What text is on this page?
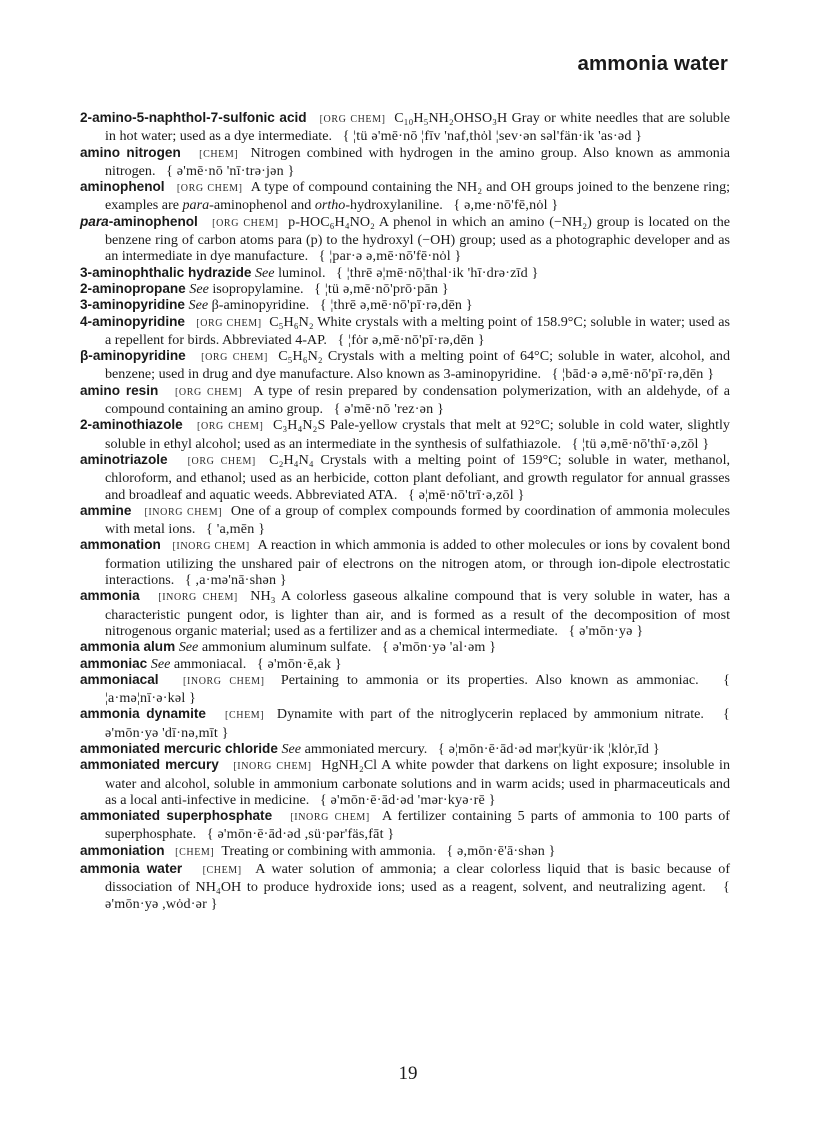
ammonia water

2-amino-5-naphthol-7-sulfonic acid [ORG CHEM] C₁₀H₅NH₂OHSO₃H Gray or white needles that are soluble in hot water; used as a dye intermediate. { ¦tü ə'mē·nō ¦fīv 'naf,thȯl ¦sev·ən səl'fän·ik 'as·əd }

amino nitrogen [CHEM] Nitrogen combined with hydrogen in the amino group. Also known as ammonia nitrogen. { ə'mē·nō 'nī·trə·jən }

aminophenol [ORG CHEM] A type of compound containing the NH₂ and OH groups joined to the benzene ring; examples are para-aminophenol and ortho-hydroxylaniline. { ə,me·nō'fē,nȯl }

para-aminophenol [ORG CHEM] p-HOC₆H₄NO₂ A phenol in which an amino (−NH₂) group is located on the benzene ring of carbon atoms para (p) to the hydroxyl (−OH) group; used as a photographic developer and as an intermediate in dye manufacture. { ¦par·ə ə,mē·nō'fē·nȯl }

3-aminophthalic hydrazide See luminol. { ¦thrē ə¦mē·nō¦thal·ik 'hī·drə·zīd }

2-aminopropane See isopropylamine. { ¦tü ə,mē·nō'prō·pān }

3-aminopyridine See β-aminopyridine. { ¦thrē ə,mē·nō'pī·rə,dēn }

4-aminopyridine [ORG CHEM] C₅H₆N₂ White crystals with a melting point of 158.9°C; soluble in water; used as a repellent for birds. Abbreviated 4-AP. { ¦fȯr ə,mē·nō'pī·rə,dēn }

β-aminopyridine [ORG CHEM] C₅H₆N₂ Crystals with a melting point of 64°C; soluble in water, alcohol, and benzene; used in drug and dye manufacture. Also known as 3-aminopyridine. { ¦bād·ə ə,mē·nō'pī·rə,dēn }

amino resin [ORG CHEM] A type of resin prepared by condensation polymerization, with an aldehyde, of a compound containing an amino group. { ə'mē·nō 'rez·ən }

2-aminothiazole [ORG CHEM] C₃H₄N₂S Pale-yellow crystals that melt at 92°C; soluble in cold water, slightly soluble in ethyl alcohol; used as an intermediate in the synthesis of sulfathiazole. { ¦tü ə,mē·nō'thī·ə,zōl }

aminotriazole [ORG CHEM] C₂H₄N₄ Crystals with a melting point of 159°C; soluble in water, methanol, chloroform, and ethanol; used as an herbicide, cotton plant defoliant, and growth regulator for annual grasses and broadleaf and aquatic weeds. Abbreviated ATA. { ə¦mē·nō'trī·ə,zōl }

ammine [INORG CHEM] One of a group of complex compounds formed by coordination of ammonia molecules with metal ions. { 'a,mēn }

ammonation [INORG CHEM] A reaction in which ammonia is added to other molecules or ions by covalent bond formation utilizing the unshared pair of electrons on the nitrogen atom, or through ion-dipole electrostatic interactions. { ,a·mə'nā·shən }

ammonia [INORG CHEM] NH₃ A colorless gaseous alkaline compound that is very soluble in water, has a characteristic pungent odor, is lighter than air, and is formed as a result of the decomposition of most nitrogenous organic material; used as a fertilizer and as a chemical intermediate. { ə'mōn·yə }

ammonia alum See ammonium aluminum sulfate. { ə'mōn·yə 'al·əm }

ammoniac See ammoniacal. { ə'mōn·ē,ak }

ammoniacal [INORG CHEM] Pertaining to ammonia or its properties. Also known as ammoniac. { ¦a·mə¦nī·ə·kəl }

ammonia dynamite [CHEM] Dynamite with part of the nitroglycerin replaced by ammonium nitrate. { ə'mōn·yə 'dī·nə,mīt }

ammoniated mercuric chloride See ammoniated mercury. { ə¦mōn·ē·ād·əd mər¦kyür·ik ¦klȯr,īd }

ammoniated mercury [INORG CHEM] HgNH₂Cl A white powder that darkens on light exposure; insoluble in water and alcohol, soluble in ammonium carbonate solutions and in warm acids; used in pharmaceuticals and as a local anti-infective in medicine. { ə'mōn·ē·ād·əd 'mər·kyə·rē }

ammoniated superphosphate [INORG CHEM] A fertilizer containing 5 parts of ammonia to 100 parts of superphosphate. { ə'mōn·ē·ād·əd ,sü·pər'fäs,fāt }

ammoniation [CHEM] Treating or combining with ammonia. { ə,mōn·ē'ā·shən }

ammonia water [CHEM] A water solution of ammonia; a clear colorless liquid that is basic because of dissociation of NH₄OH to produce hydroxide ions; used as a reagent, solvent, and neutralizing agent. { ə'mōn·yə ,wȯd·ər }

19
